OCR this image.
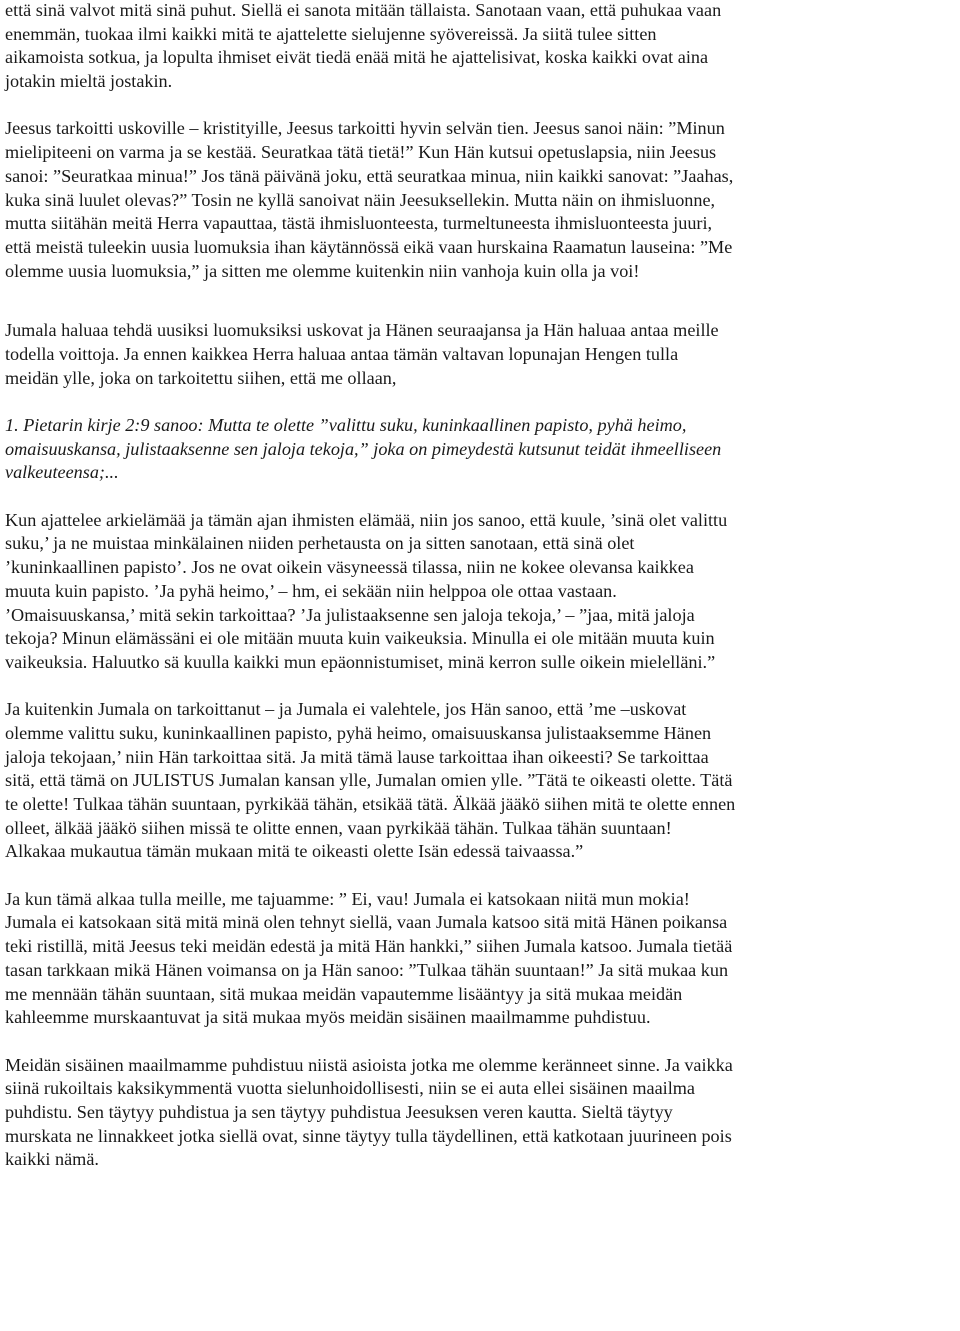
että sinä valvot mitä sinä puhut. Siellä ei sanota mitään tällaista. Sanotaan vaan, että puhukaa vaan
enemmän, tuokaa ilmi kaikki mitä te ajattelette sielujenne syövereissä. Ja siitä tulee sitten
aikamoista sotkua, ja lopulta ihmiset eivät tiedä enää mitä he ajattelisivat, koska kaikki ovat aina
jotakin mieltä jostakin.
Jeesus tarkoitti uskoville – kristityille, Jeesus tarkoitti hyvin selvän tien. Jeesus sanoi näin: ”Minun
mielipiteeni on varma ja se kestää. Seuratkaa tätä tietä!” Kun Hän kutsui opetuslapsia, niin Jeesus
sanoi: ”Seuratkaa minua!” Jos tänä päivänä joku, että seuratkaa minua, niin kaikki sanovat: ”Jaahas,
kuka sinä luulet olevas?” Tosin ne kyllä sanoivat näin Jeesuksellekin. Mutta näin on ihmisluonne,
mutta siitähän meitä Herra vapauttaa, tästä ihmisluonteesta, turmeltuneesta ihmisluonteesta juuri,
että meistä tuleekin uusia luomuksia ihan käytännössä eikä vaan hurskaina Raamatun lauseina: ”Me
olemme uusia luomuksia,” ja sitten me olemme kuitenkin niin vanhoja kuin olla ja voi!
Jumala haluaa tehdä uusiksi luomuksiksi uskovat ja Hänen seuraajansa ja Hän haluaa antaa meille
todella voittoja. Ja ennen kaikkea Herra haluaa antaa tämän valtavan lopunajan Hengen tulla
meidän ylle, joka on tarkoitettu siihen, että me ollaan,
1. Pietarin kirje 2:9 sanoo: Mutta te olette ”valittu suku, kuninkaallinen papisto, pyhä heimo,
omaisuuskansa, julistaaksenne sen jaloja tekoja,” joka on pimeydestä kutsunut teidät ihmeelliseen
valkeuteensa;...
Kun ajattelee arkielämää ja tämän ajan ihmisten elämää, niin jos sanoo, että kuule, ’sinä olet valittu
suku,’ ja ne muistaa minkälainen niiden perhetausta on ja sitten sanotaan, että sinä olet
’kuninkaallinen papisto’. Jos ne ovat oikein väsyneessä tilassa, niin ne kokee olevansa kaikkea
muuta kuin papisto. ’Ja pyhä heimo,’ – hm, ei sekään niin helppoa ole ottaa vastaan.
’Omaisuuskansa,’ mitä sekin tarkoittaa? ’Ja julistaaksenne sen jaloja tekoja,’ – ”jaa, mitä jaloja
tekoja? Minun elämässäni ei ole mitään muuta kuin vaikeuksia. Minulla ei ole mitään muuta kuin
vaikeuksia. Haluutko sä kuulla kaikki mun epäonnistumiset, minä kerron sulle oikein mielelläni.”
Ja kuitenkin Jumala on tarkoittanut – ja Jumala ei valehtele, jos Hän sanoo, että ’me –uskovat
olemme valittu suku, kuninkaallinen papisto, pyhä heimo, omaisuuskansa julistaaksemme Hänen
jaloja tekojaan,’ niin Hän tarkoittaa sitä. Ja mitä tämä lause tarkoittaa ihan oikeesti? Se tarkoittaa
sitä, että tämä on JULISTUS Jumalan kansan ylle, Jumalan omien ylle. ”Tätä te oikeasti olette. Tätä
te olette! Tulkaa tähän suuntaan, pyrkikää tähän, etsikää tätä. Älkää jääkö siihen mitä te olette ennen
olleet, älkää jääkö siihen missä te olitte ennen, vaan pyrkikää tähän. Tulkaa tähän suuntaan!
Alkakaa mukautua tämän mukaan mitä te oikeasti olette Isän edessä taivaassa.”
Ja kun tämä alkaa tulla meille, me tajuamme: ” Ei, vau! Jumala ei katsokaan niitä mun mokia!
Jumala ei katsokaan sitä mitä minä olen tehnyt siellä, vaan Jumala katsoo sitä mitä Hänen poikansa
teki ristillä, mitä Jeesus teki meidän edestä ja mitä Hän hankki,” siihen Jumala katsoo. Jumala tietää
tasan tarkkaan mikä Hänen voimansa on ja Hän sanoo: ”Tulkaa tähän suuntaan!” Ja sitä mukaa kun
me mennään tähän suuntaan, sitä mukaa meidän vapautemme lisääntyy ja sitä mukaa meidän
kahleemme murskaantuvat ja sitä mukaa myös meidän sisäinen maailmamme puhdistuu.
Meidän sisäinen maailmamme puhdistuu niistä asioista jotka me olemme keränneet sinne. Ja vaikka
siinä rukoiltais kaksikymmentä vuotta sielunhoidollisesti, niin se ei auta ellei sisäinen maailma
puhdistu. Sen täytyy puhdistua ja sen täytyy puhdistua Jeesuksen veren kautta. Sieltä täytyy
murskata ne linnakkeet jotka siellä ovat, sinne täytyy tulla täydellinen, että katkotaan juurineen pois
kaikki nämä.
